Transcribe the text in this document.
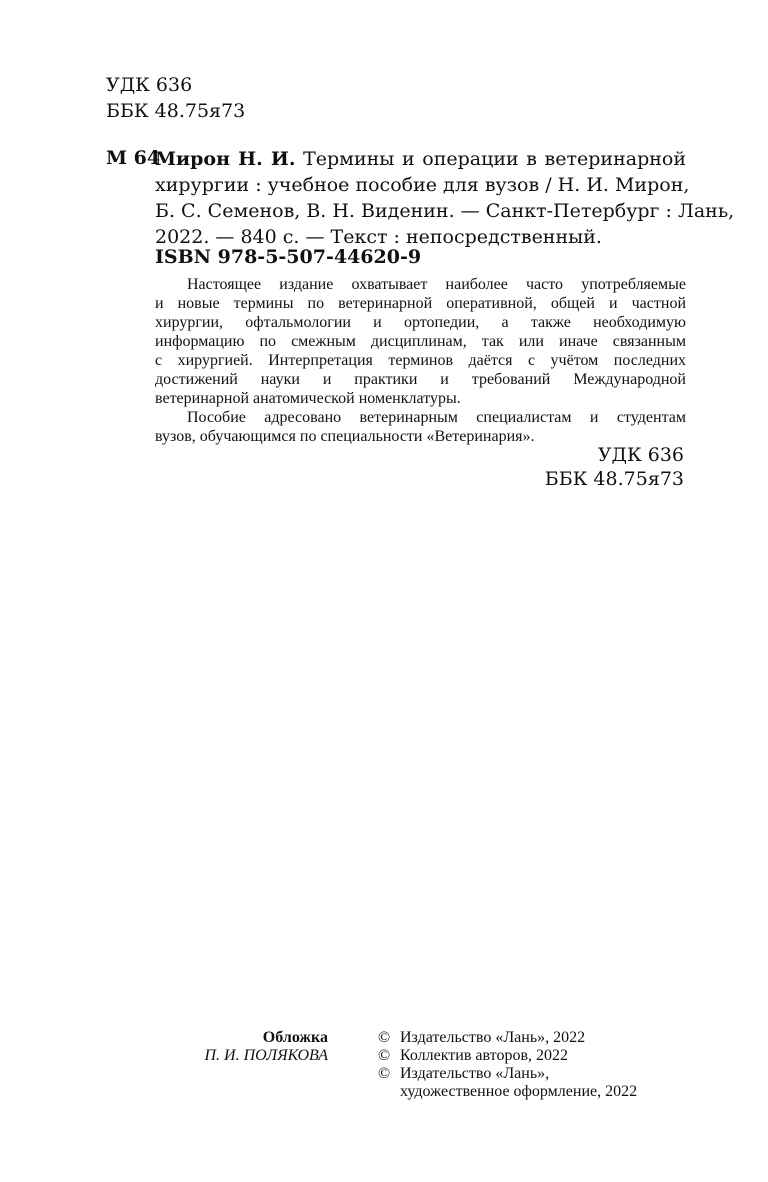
УДК 636
ББК 48.75я73
М 64
Мирон Н. И. Термины и операции в ветеринарной
хирургии : учебное пособие для вузов / Н. И. Мирон,
Б. С. Семенов, В. Н. Виденин. — Санкт-Петербург : Лань,
2022. — 840 с. — Текст : непосредственный.
ISBN 978-5-507-44620-9
Настоящее издание охватывает наиболее часто употребляемые
и новые термины по ветеринарной оперативной, общей и частной
хирургии, офтальмологии и ортопедии, а также необходимую
информацию по смежным дисциплинам, так или иначе связанным
с хирургией. Интерпретация терминов даётся с учётом последних
достижений науки и практики и требований Международной
ветеринарной анатомической номенклатуры.
Пособие адресовано ветеринарным специалистам и студентам
вузов, обучающимся по специальности «Ветеринария».
УДК 636
ББК 48.75я73
Обложка
П. И. ПОЛЯКОВА
© Издательство «Лань», 2022
© Коллектив авторов, 2022
© Издательство «Лань»,
художественное оформление, 2022
